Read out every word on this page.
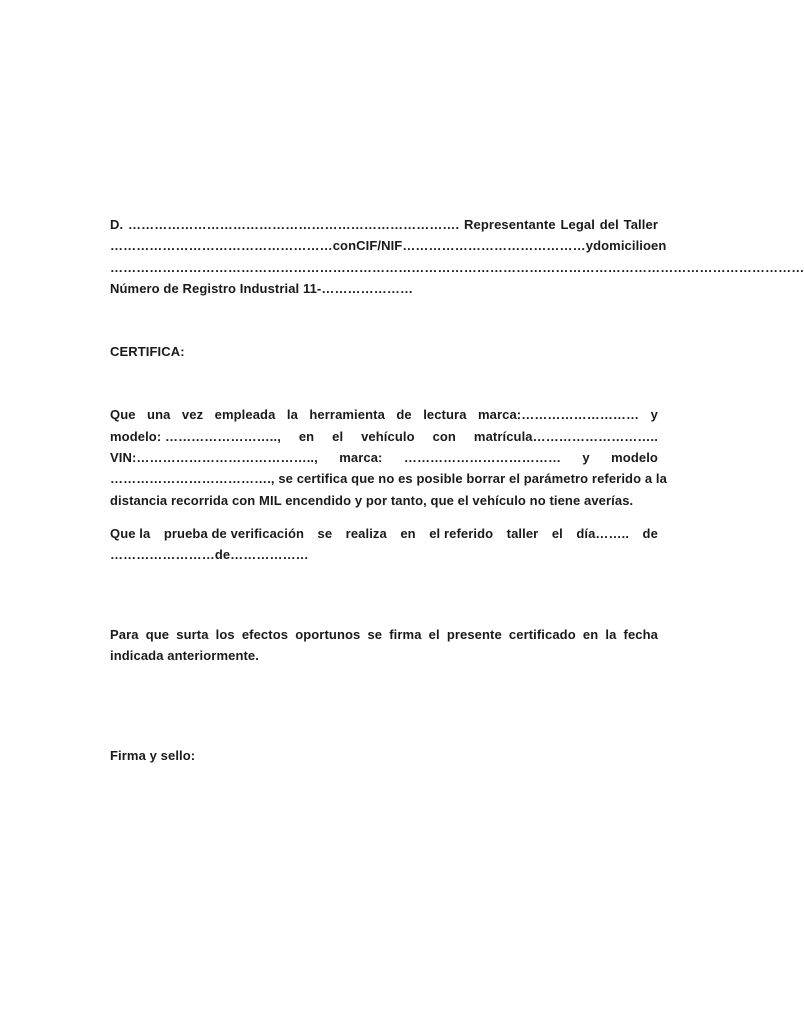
D. …………………………………………………………………. Representante Legal del Taller
…………………………………………… con CIF/NIF …………………………………… y domicilio en
……………………………………………………………………………………………………………………………………………
Número de Registro Industrial 11-…………………
CERTIFICA:
Que una vez empleada la herramienta de lectura marca:……………………… y
modelo: …………………….., en el vehículo con matrícula………………………..
VIN:………………………………….., marca: ……………………………… y modelo
………………………………., se certifica que no es posible borrar el parámetro referido a la
distancia recorrida con MIL encendido y por tanto, que el vehículo no tiene averías.
Que la prueba de verificación se realiza en el referido taller el día…….. de
……………………de………………
Para que surta los efectos oportunos se firma el presente certificado en la fecha
indicada anteriormente.
Firma y sello:
